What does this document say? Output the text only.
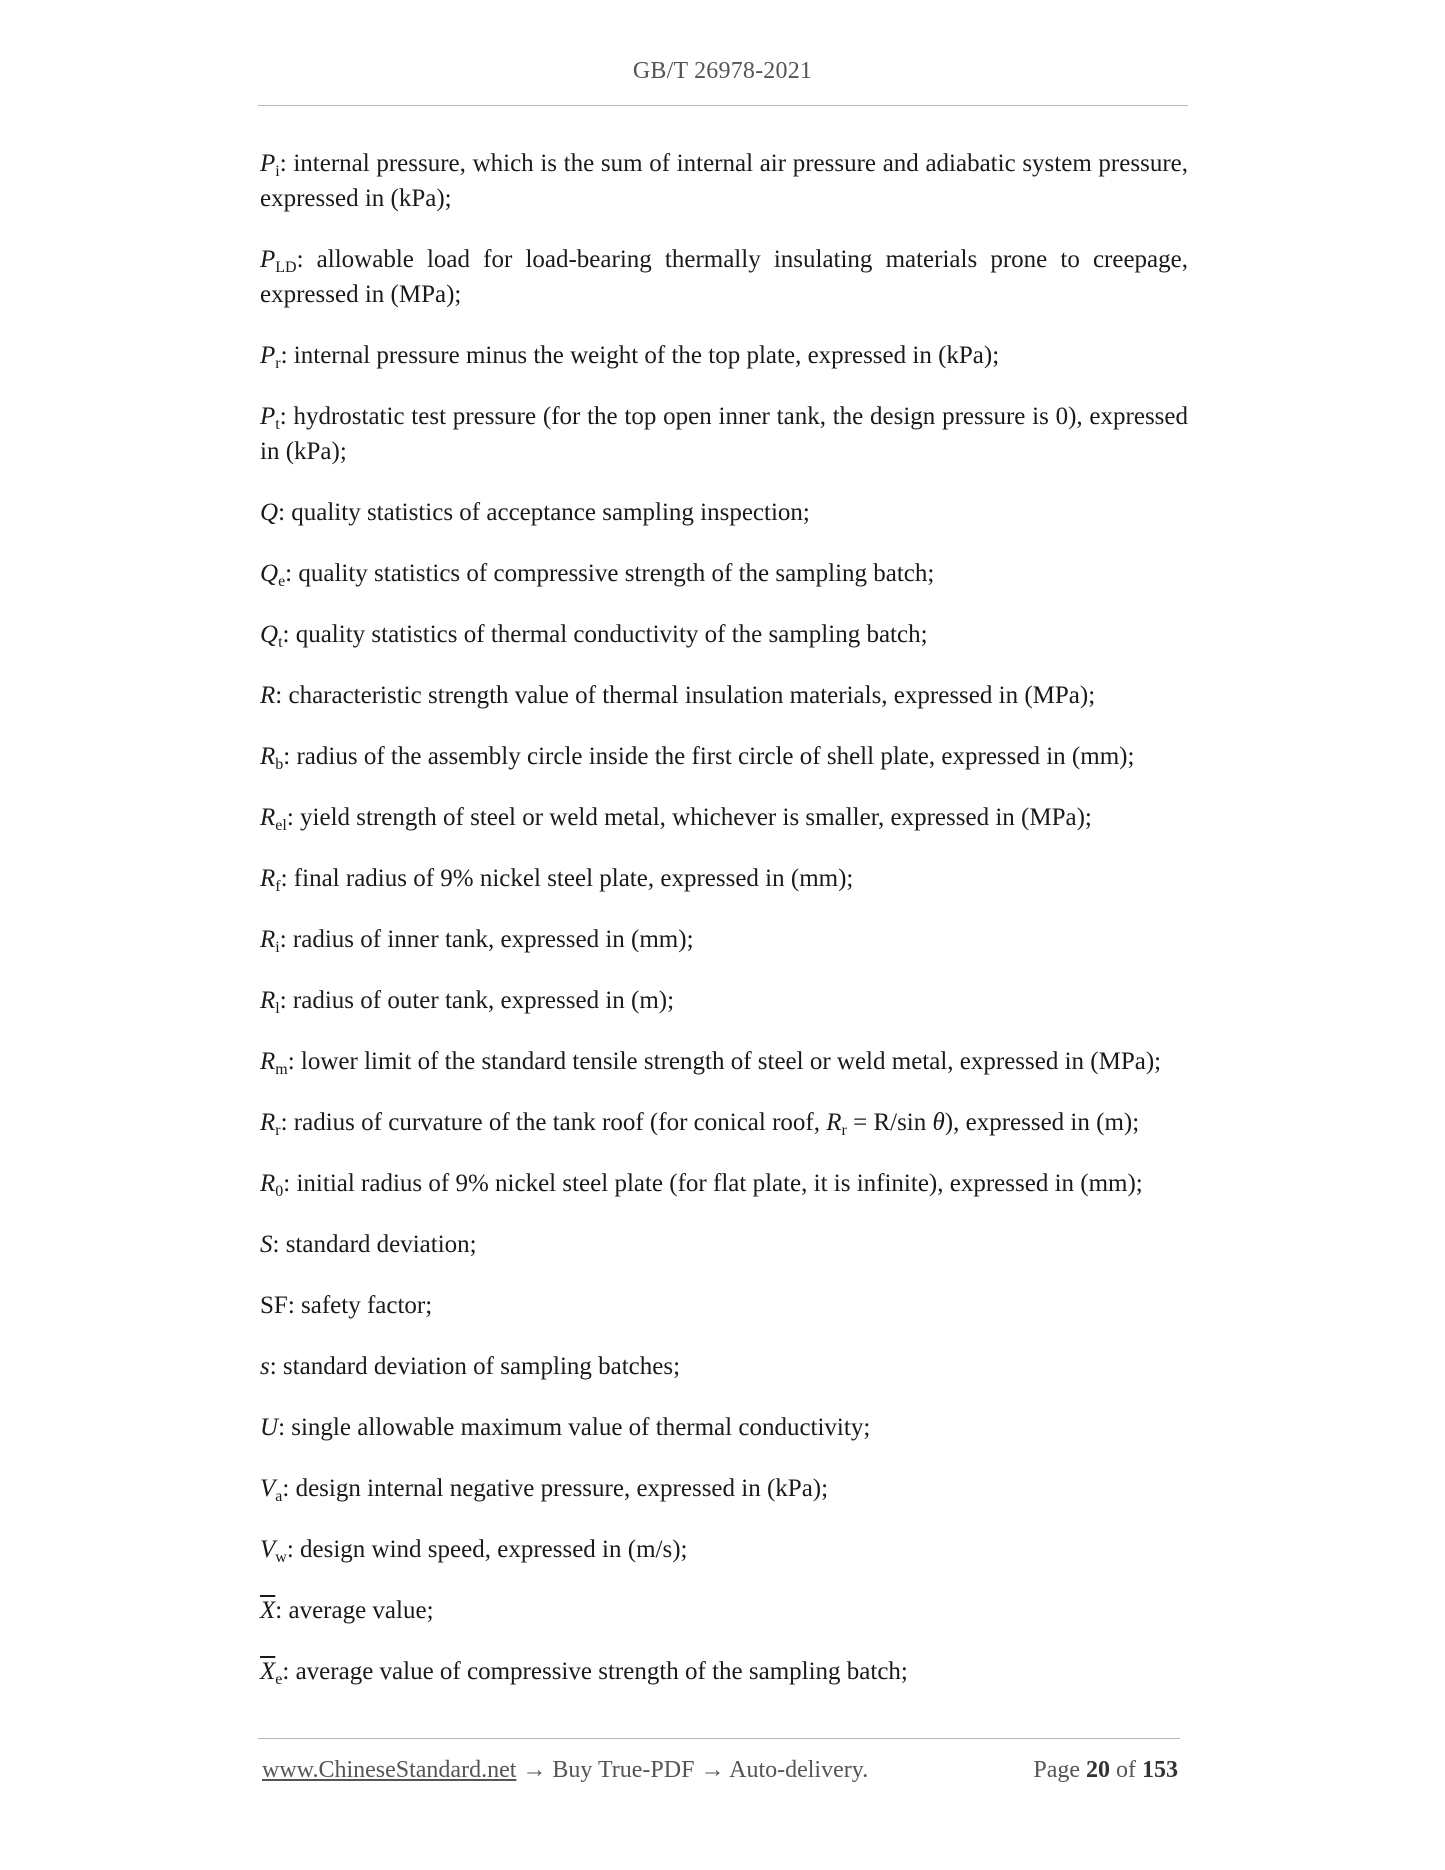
GB/T 26978-2021

$P_i$: internal pressure, which is the sum of internal air pressure and adiabatic system pressure, expressed in (kPa);

$P_{LD}$: allowable load for load-bearing thermally insulating materials prone to creepage, expressed in (MPa);

$P_r$: internal pressure minus the weight of the top plate, expressed in (kPa);

$P_t$: hydrostatic test pressure (for the top open inner tank, the design pressure is 0), expressed in (kPa);

Q: quality statistics of acceptance sampling inspection;

$Q_e$: quality statistics of compressive strength of the sampling batch;

$Q_t$: quality statistics of thermal conductivity of the sampling batch;

R: characteristic strength value of thermal insulation materials, expressed in (MPa);

$R_b$: radius of the assembly circle inside the first circle of shell plate, expressed in (mm);

$R_{el}$: yield strength of steel or weld metal, whichever is smaller, expressed in (MPa);

$R_f$: final radius of 9% nickel steel plate, expressed in (mm);

$R_i$: radius of inner tank, expressed in (mm);

$R_l$: radius of outer tank, expressed in (m);

$R_m$: lower limit of the standard tensile strength of steel or weld metal, expressed in (MPa);

$R_r$: radius of curvature of the tank roof (for conical roof, $R_r = R/\sin$ θ), expressed in (m);

$R_0$: initial radius of 9% nickel steel plate (for flat plate, it is infinite), expressed in (mm);

S: standard deviation;

SF: safety factor;

s: standard deviation of sampling batches;

U: single allowable maximum value of thermal conductivity;

$V_a$: design internal negative pressure, expressed in (kPa);

$V_w$: design wind speed, expressed in (m/s);

$\overline{X}$: average value;

$\overline{X}_e$: average value of compressive strength of the sampling batch;

www.ChineseStandard.net → Buy True-PDF → Auto-delivery.	Page 20 of 153
